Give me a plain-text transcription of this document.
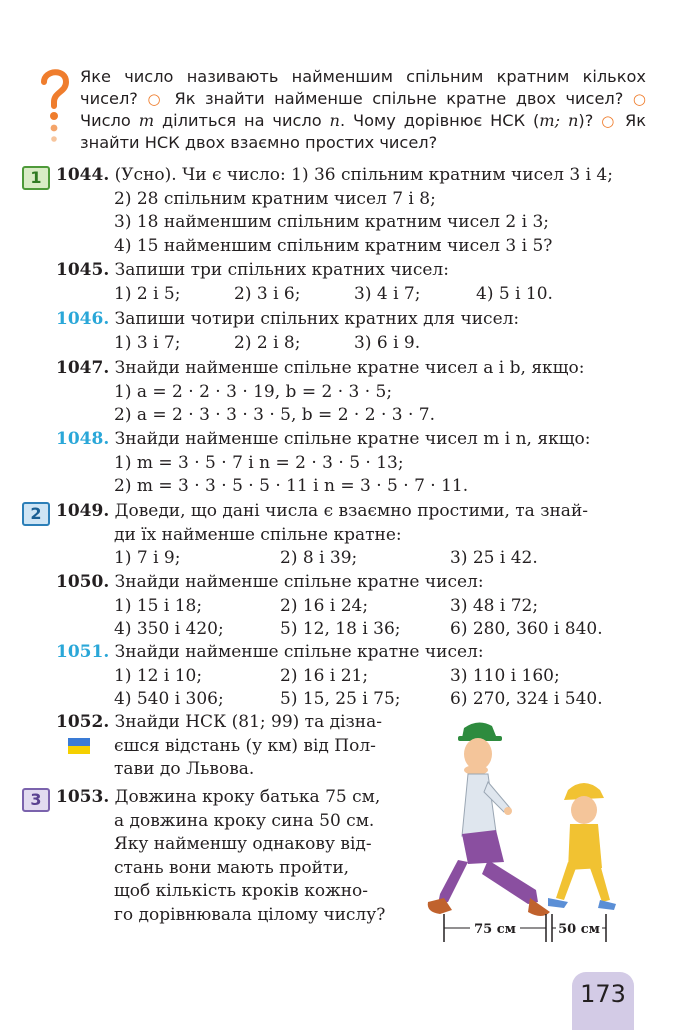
Яке число називають найменшим спільним кратним кількох чисел? ○ Як знайти найменше спільне кратне двох чисел? ○ Число m ділиться на число n. Чому дорівнює НСК (m; n)? ○ Як знайти НСК двох взаємно простих чисел?
1 1044. (Усно). Чи є число: 1) 36 спільним кратним чисел 3 і 4;
2) 28 спільним кратним чисел 7 і 8;
3) 18 найменшим спільним кратним чисел 2 і 3;
4) 15 найменшим спільним кратним чисел 3 і 5?
1045. Запиши три спільних кратних чисел:
1) 2 і 5;	2) 3 і 6;	3) 4 і 7;	4) 5 і 10.
1046. Запиши чотири спільних кратних для чисел:
1) 3 і 7;	2) 2 і 8;	3) 6 і 9.
1047. Знайди найменше спільне кратне чисел a і b, якщо:
1) a = 2 · 2 · 3 · 19, b = 2 · 3 · 5;
2) a = 2 · 3 · 3 · 3 · 5, b = 2 · 2 · 3 · 7.
1048. Знайди найменше спільне кратне чисел m і n, якщо:
1) m = 3 · 5 · 7 і n = 2 · 3 · 5 · 13;
2) m = 3 · 3 · 5 · 5 · 11 і n = 3 · 5 · 7 · 11.
2 1049. Доведи, що дані числа є взаємно простими, та знай-
ди їх найменше спільне кратне:
1) 7 і 9;	2) 8 і 39;	3) 25 і 42.
1050. Знайди найменше спільне кратне чисел:
1) 15 і 18;	2) 16 і 24;	3) 48 і 72;
4) 350 і 420;	5) 12, 18 і 36;	6) 280, 360 і 840.
1051. Знайди найменше спільне кратне чисел:
1) 12 і 10;	2) 16 і 21;	3) 110 і 160;
4) 540 і 306;	5) 15, 25 і 75;	6) 270, 324 і 540.
1052. Знайди НСК (81; 99) та дізна-
єшся відстань (у км) від Пол-
тави до Львова.
3 1053. Довжина кроку батька 75 см,
а довжина кроку сина 50 см.
Яку найменшу однакову від-
стань вони мають пройти,
щоб кількість кроків кожно-
го дорівнювала цілому числу?
75 см	50 см
173
